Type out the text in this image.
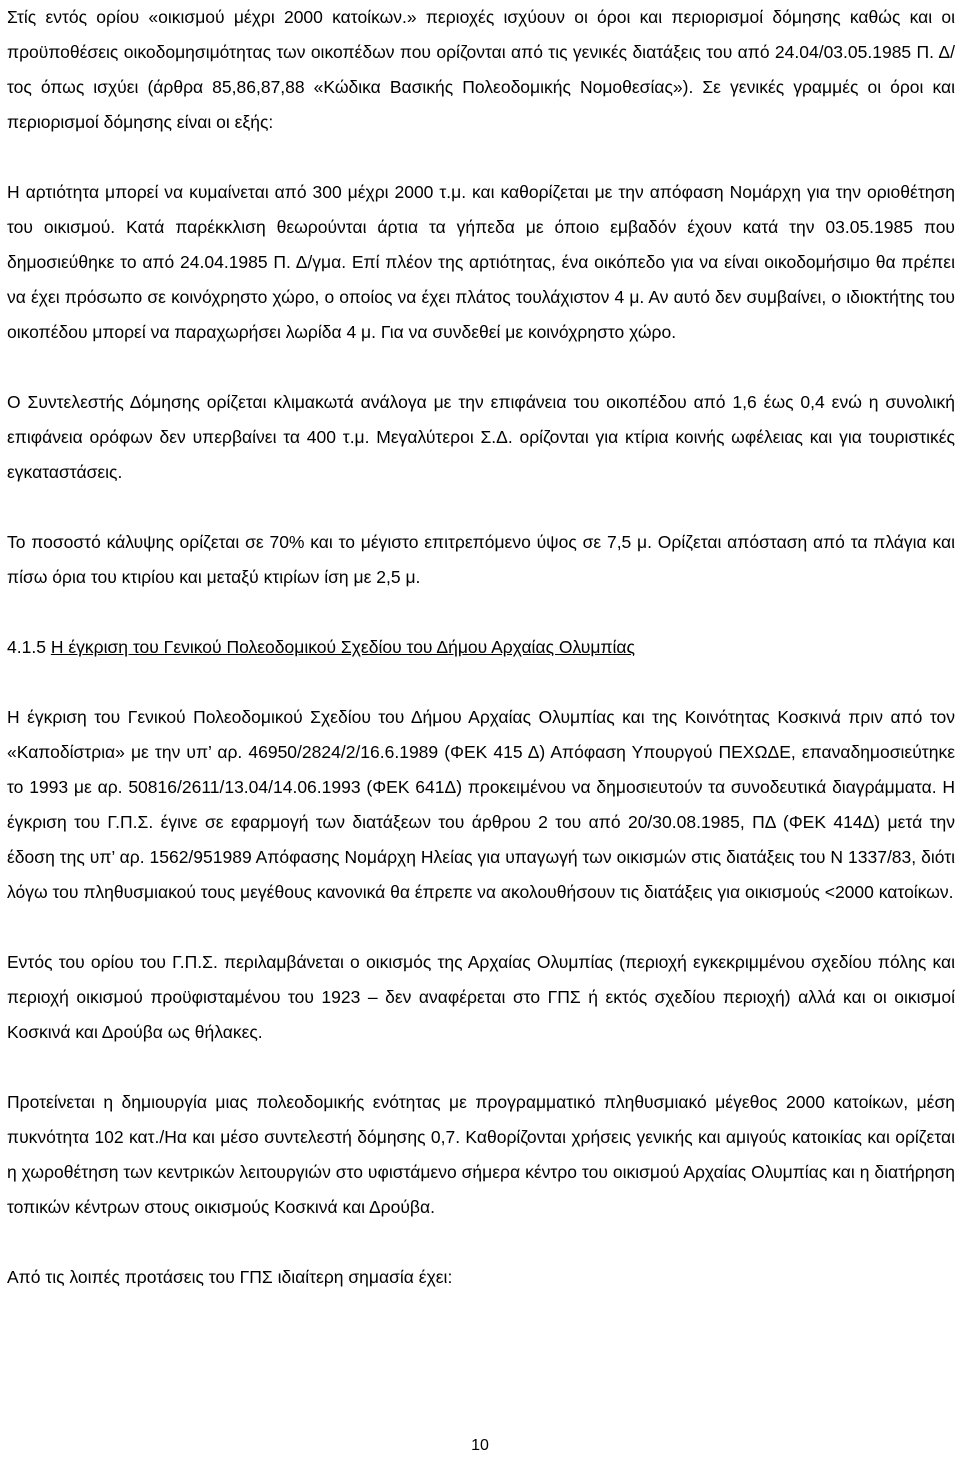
Στίς εντός ορίου «οικισμού μέχρι 2000 κατοίκων.» περιοχές ισχύουν οι όροι και περιορισμοί δόμησης καθώς και οι προϋποθέσεις οικοδομησιμότητας των οικοπέδων που ορίζονται από τις γενικές διατάξεις του από 24.04/03.05.1985 Π. Δ/τος όπως ισχύει (άρθρα 85,86,87,88 «Κώδικα Βασικής Πολεοδομικής Νομοθεσίας»). Σε γενικές γραμμές οι όροι και περιορισμοί δόμησης είναι οι εξής:

Η αρτιότητα μπορεί να κυμαίνεται από 300 μέχρι 2000 τ.μ. και καθορίζεται με την απόφαση Νομάρχη για την οριοθέτηση του οικισμού. Κατά παρέκκλιση θεωρούνται άρτια τα γήπεδα με όποιο εμβαδόν έχουν κατά την 03.05.1985 που δημοσιεύθηκε το από 24.04.1985 Π. Δ/γμα. Επί πλέον της αρτιότητας, ένα οικόπεδο για να είναι οικοδομήσιμο θα πρέπει να έχει πρόσωπο σε κοινόχρηστο χώρο, ο οποίος να έχει πλάτος τουλάχιστον 4 μ. Αν αυτό δεν συμβαίνει, ο ιδιοκτήτης του οικοπέδου μπορεί να παραχωρήσει λωρίδα 4 μ. Για να συνδεθεί με κοινόχρηστο χώρο.

Ο Συντελεστής Δόμησης ορίζεται κλιμακωτά ανάλογα με την επιφάνεια του οικοπέδου από 1,6 έως 0,4 ενώ η συνολική επιφάνεια ορόφων δεν υπερβαίνει τα 400 τ.μ. Μεγαλύτεροι Σ.Δ. ορίζονται για κτίρια κοινής ωφέλειας και για τουριστικές εγκαταστάσεις.

Το ποσοστό κάλυψης ορίζεται σε 70% και το μέγιστο επιτρεπόμενο ύψος σε 7,5 μ. Ορίζεται απόσταση από τα πλάγια και πίσω όρια του κτιρίου και μεταξύ κτιρίων ίση με 2,5 μ.

4.1.5 Η έγκριση του Γενικού Πολεοδομικού Σχεδίου του Δήμου Αρχαίας Ολυμπίας

Η έγκριση του Γενικού Πολεοδομικού Σχεδίου του Δήμου Αρχαίας Ολυμπίας και της Κοινότητας Κοσκινά πριν από τον «Καποδίστρια» με την υπ’ αρ. 46950/2824/2/16.6.1989 (ΦΕΚ 415 Δ) Απόφαση Υπουργού ΠΕΧΩΔΕ, επαναδημοσιεύτηκε το 1993 με αρ. 50816/2611/13.04/14.06.1993 (ΦΕΚ 641Δ) προκειμένου να δημοσιευτούν τα συνοδευτικά διαγράμματα. Η έγκριση του Γ.Π.Σ. έγινε σε εφαρμογή των διατάξεων του άρθρου 2 του από 20/30.08.1985, ΠΔ (ΦΕΚ 414Δ) μετά την έδοση της υπ’ αρ. 1562/951989 Απόφασης Νομάρχη Ηλείας για υπαγωγή των οικισμών στις διατάξεις του Ν 1337/83, διότι λόγω του πληθυσμιακού τους μεγέθους κανονικά θα έπρεπε να ακολουθήσουν τις διατάξεις για οικισμούς <2000 κατοίκων.

Εντός του ορίου του Γ.Π.Σ. περιλαμβάνεται ο οικισμός της Αρχαίας Ολυμπίας (περιοχή εγκεκριμμένου σχεδίου πόλης και περιοχή οικισμού προϋφισταμένου του 1923 – δεν αναφέρεται στο ΓΠΣ ή εκτός σχεδίου περιοχή) αλλά και οι οικισμοί Κοσκινά και Δρούβα ως θήλακες.

Προτείνεται η δημιουργία μιας πολεοδομικής ενότητας με προγραμματικό πληθυσμιακό μέγεθος 2000 κατοίκων, μέση πυκνότητα 102 κατ./Ηα και μέσο συντελεστή δόμησης 0,7. Καθορίζονται χρήσεις γενικής και αμιγούς κατοικίας και ορίζεται η χωροθέτηση των κεντρικών λειτουργιών στο υφιστάμενο σήμερα κέντρο του οικισμού Αρχαίας Ολυμπίας και η διατήρηση τοπικών κέντρων στους οικισμούς Κοσκινά και Δρούβα.

Από τις λοιπές προτάσεις του ΓΠΣ ιδιαίτερη σημασία έχει:

10
